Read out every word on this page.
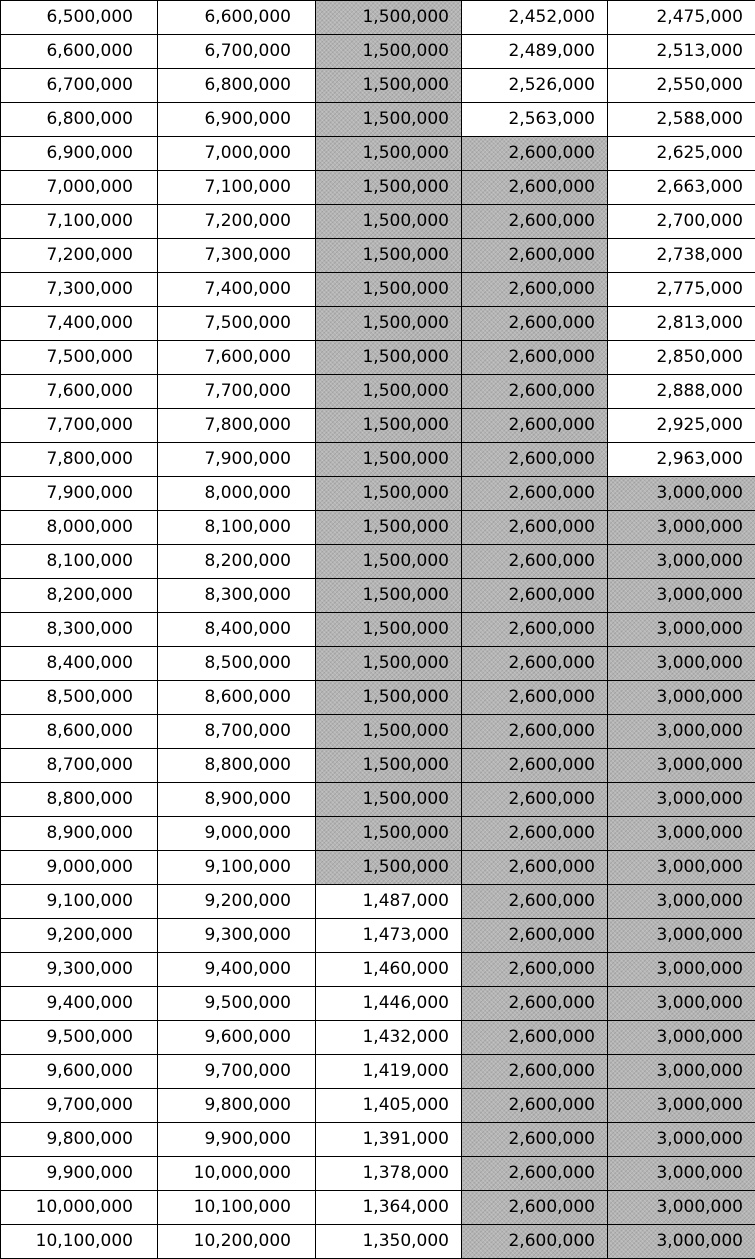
6,500,000	6,600,000	1,500,000	2,452,000	2,475,000
6,600,000	6,700,000	1,500,000	2,489,000	2,513,000
6,700,000	6,800,000	1,500,000	2,526,000	2,550,000
6,800,000	6,900,000	1,500,000	2,563,000	2,588,000
6,900,000	7,000,000	1,500,000	2,600,000	2,625,000
7,000,000	7,100,000	1,500,000	2,600,000	2,663,000
7,100,000	7,200,000	1,500,000	2,600,000	2,700,000
7,200,000	7,300,000	1,500,000	2,600,000	2,738,000
7,300,000	7,400,000	1,500,000	2,600,000	2,775,000
7,400,000	7,500,000	1,500,000	2,600,000	2,813,000
7,500,000	7,600,000	1,500,000	2,600,000	2,850,000
7,600,000	7,700,000	1,500,000	2,600,000	2,888,000
7,700,000	7,800,000	1,500,000	2,600,000	2,925,000
7,800,000	7,900,000	1,500,000	2,600,000	2,963,000
7,900,000	8,000,000	1,500,000	2,600,000	3,000,000
8,000,000	8,100,000	1,500,000	2,600,000	3,000,000
8,100,000	8,200,000	1,500,000	2,600,000	3,000,000
8,200,000	8,300,000	1,500,000	2,600,000	3,000,000
8,300,000	8,400,000	1,500,000	2,600,000	3,000,000
8,400,000	8,500,000	1,500,000	2,600,000	3,000,000
8,500,000	8,600,000	1,500,000	2,600,000	3,000,000
8,600,000	8,700,000	1,500,000	2,600,000	3,000,000
8,700,000	8,800,000	1,500,000	2,600,000	3,000,000
8,800,000	8,900,000	1,500,000	2,600,000	3,000,000
8,900,000	9,000,000	1,500,000	2,600,000	3,000,000
9,000,000	9,100,000	1,500,000	2,600,000	3,000,000
9,100,000	9,200,000	1,487,000	2,600,000	3,000,000
9,200,000	9,300,000	1,473,000	2,600,000	3,000,000
9,300,000	9,400,000	1,460,000	2,600,000	3,000,000
9,400,000	9,500,000	1,446,000	2,600,000	3,000,000
9,500,000	9,600,000	1,432,000	2,600,000	3,000,000
9,600,000	9,700,000	1,419,000	2,600,000	3,000,000
9,700,000	9,800,000	1,405,000	2,600,000	3,000,000
9,800,000	9,900,000	1,391,000	2,600,000	3,000,000
9,900,000	10,000,000	1,378,000	2,600,000	3,000,000
10,000,000	10,100,000	1,364,000	2,600,000	3,000,000
10,100,000	10,200,000	1,350,000	2,600,000	3,000,000
